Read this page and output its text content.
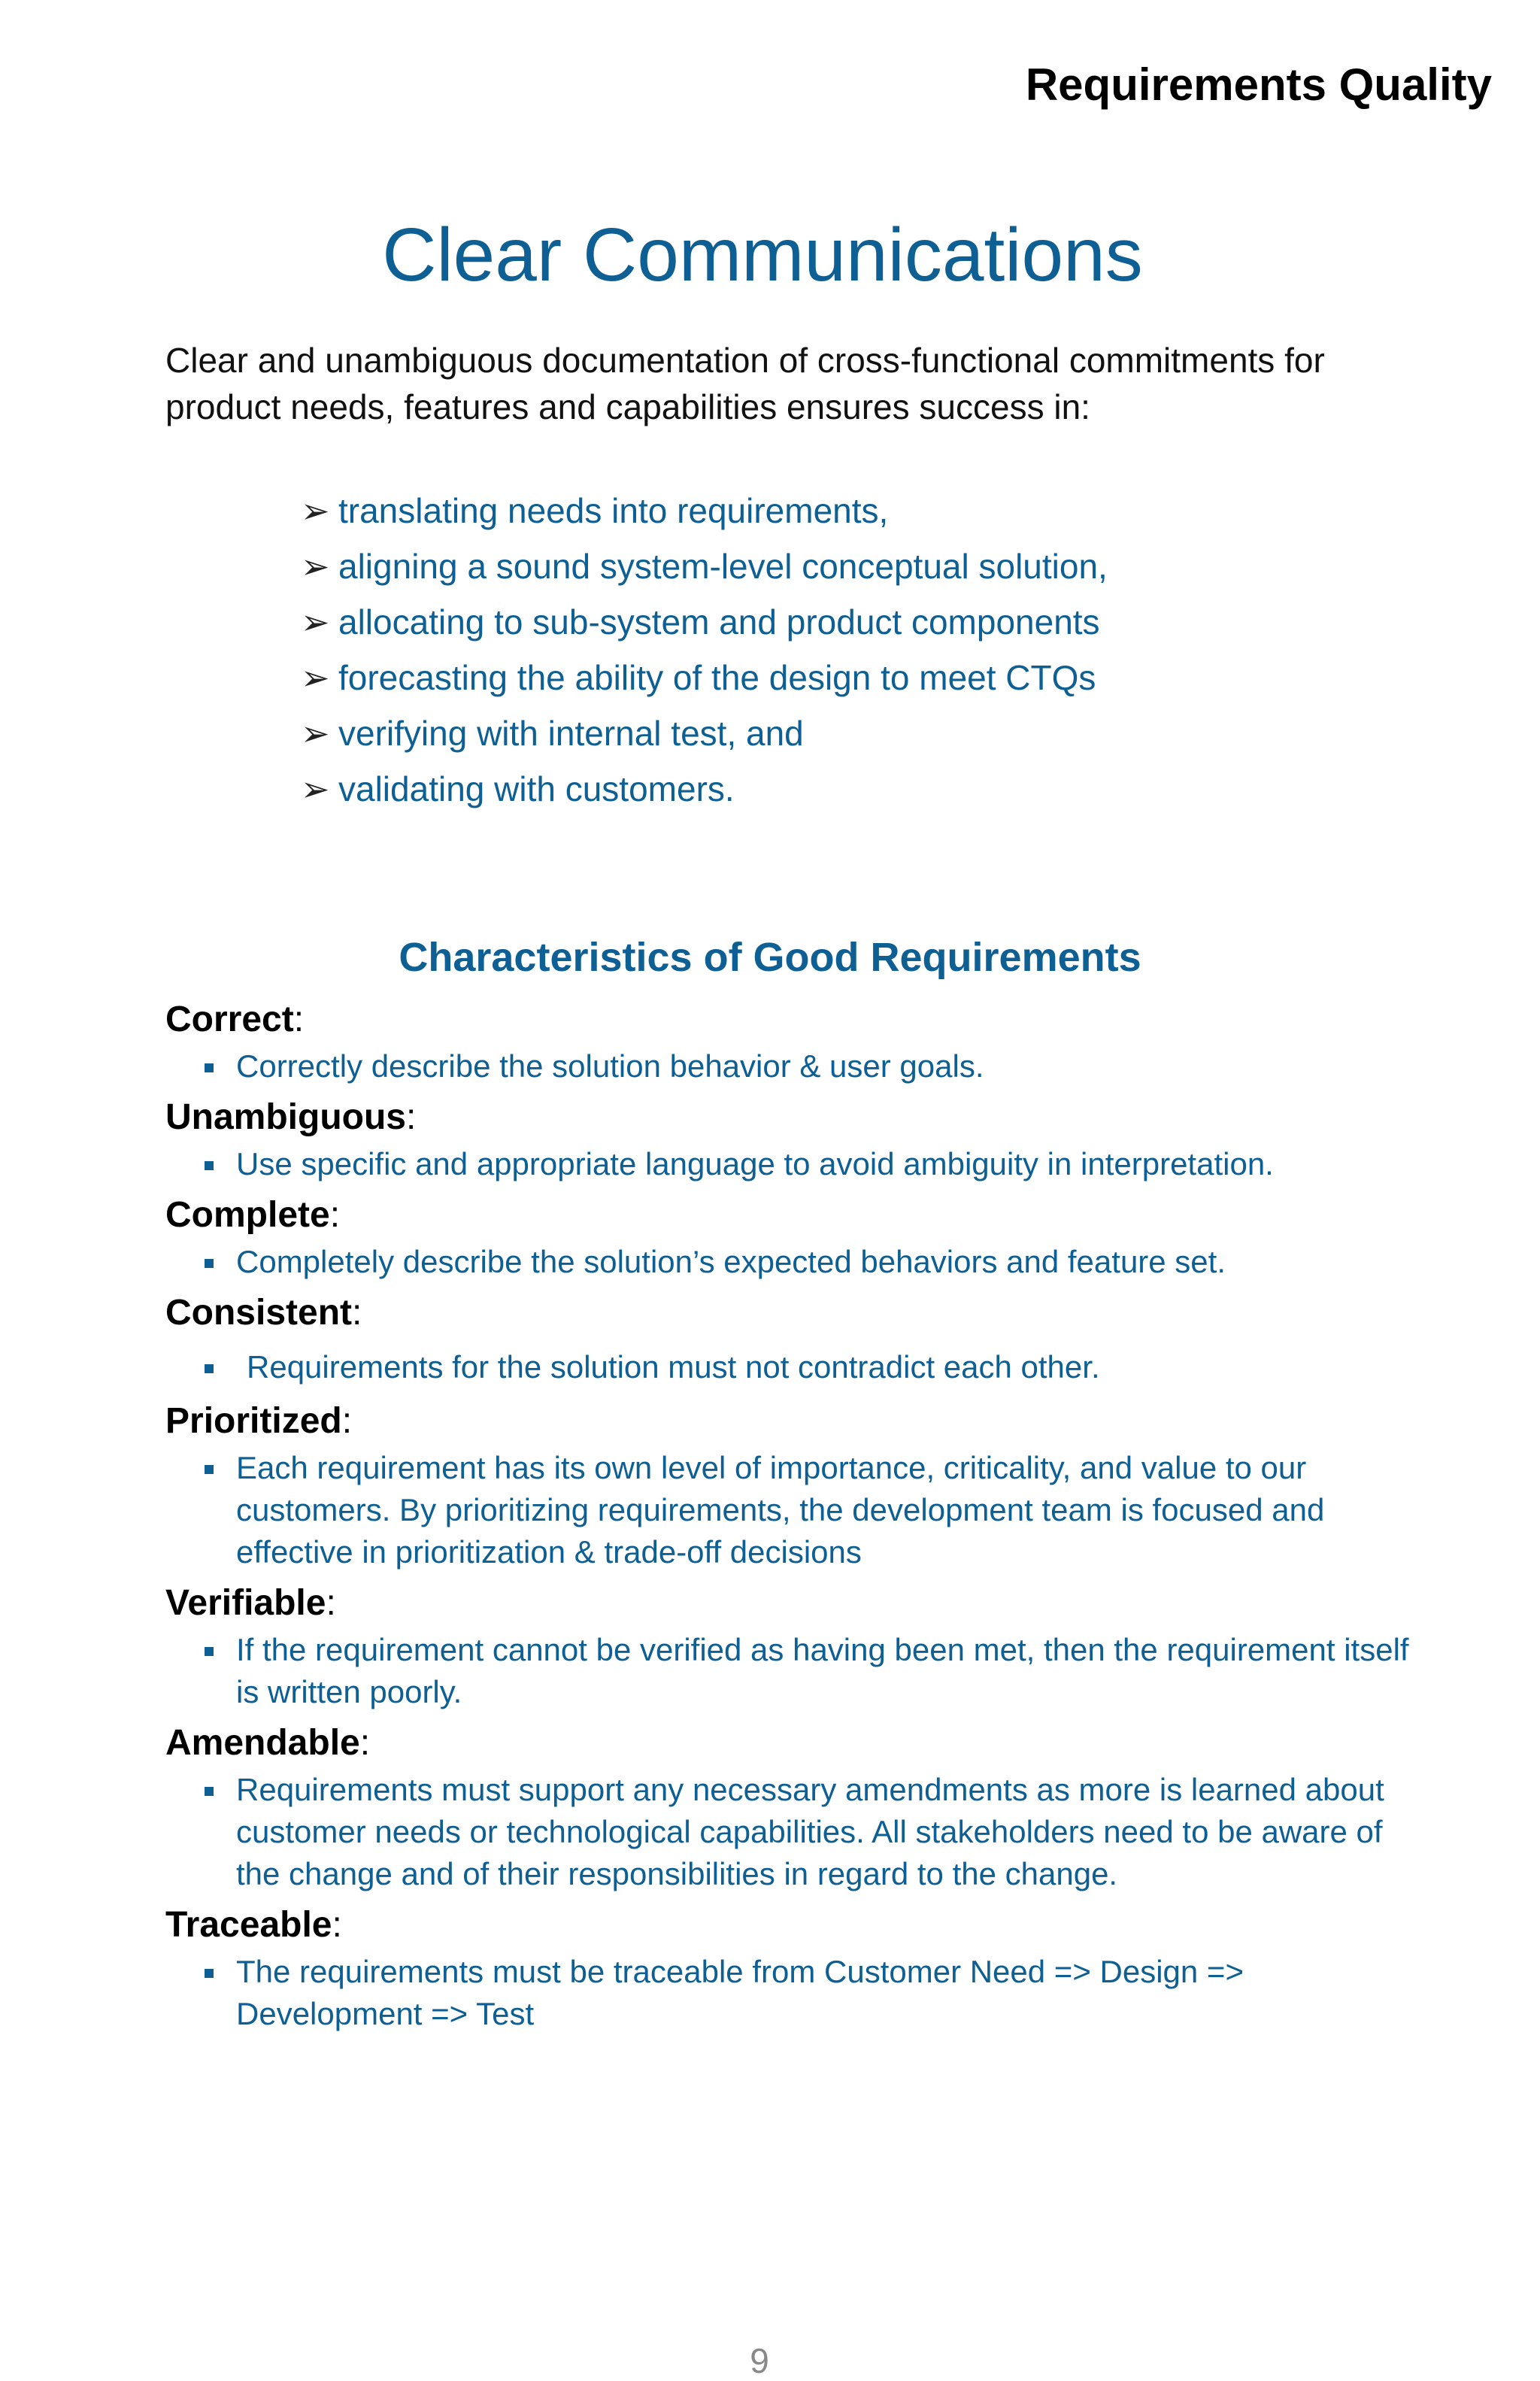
Requirements Quality
Clear Communications

Clear and unambiguous documentation of cross-functional commitments for product needs, features and capabilities ensures success in:

➢ translating needs into requirements,
➢ aligning a sound system-level conceptual solution,
➢ allocating to sub-system and product components
➢ forecasting the ability of the design to meet CTQs
➢ verifying with internal test, and
➢ validating with customers.
Characteristics of Good Requirements
Correct:
Correctly describe the solution behavior & user goals.
Unambiguous:
Use specific and appropriate language to avoid ambiguity in interpretation.
Complete:
Completely describe the solution’s expected behaviors and feature set.
Consistent:
Requirements for the solution must not contradict each other.
Prioritized:
Each requirement has its own level of importance, criticality, and value to our customers. By prioritizing requirements, the development team is focused and effective in prioritization & trade-off decisions
Verifiable:
If the requirement cannot be verified as having been met, then the requirement itself is written poorly.
Amendable:
Requirements must support any necessary amendments as more is learned about customer needs or technological capabilities. All stakeholders need to be aware of the change and of their responsibilities in regard to the change.
Traceable:
The requirements must be traceable from Customer Need => Design => Development => Test
9
